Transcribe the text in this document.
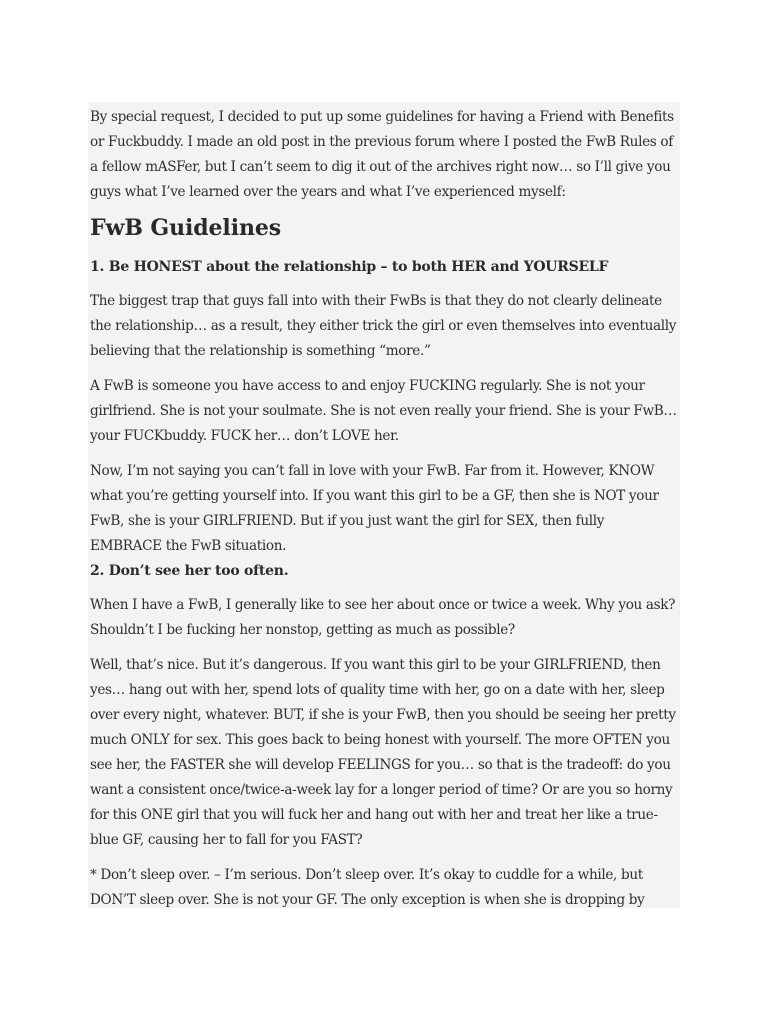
By special request, I decided to put up some guidelines for having a Friend with Benefits or Fuckbuddy. I made an old post in the previous forum where I posted the FwB Rules of a fellow mASFer, but I can’t seem to dig it out of the archives right now… so I’ll give you guys what I’ve learned over the years and what I’ve experienced myself:

FwB Guidelines
1. Be HONEST about the relationship – to both HER and YOURSELF

The biggest trap that guys fall into with their FwBs is that they do not clearly delineate the relationship… as a result, they either trick the girl or even themselves into eventually believing that the relationship is something “more.”

A FwB is someone you have access to and enjoy FUCKING regularly. She is not your girlfriend. She is not your soulmate. She is not even really your friend. She is your FwB… your FUCKbuddy. FUCK her… don’t LOVE her.

Now, I’m not saying you can’t fall in love with your FwB. Far from it. However, KNOW what you’re getting yourself into. If you want this girl to be a GF, then she is NOT your FwB, she is your GIRLFRIEND. But if you just want the girl for SEX, then fully EMBRACE the FwB situation.

2. Don’t see her too often.

When I have a FwB, I generally like to see her about once or twice a week. Why you ask? Shouldn’t I be fucking her nonstop, getting as much as possible?

Well, that’s nice. But it’s dangerous. If you want this girl to be your GIRLFRIEND, then yes… hang out with her, spend lots of quality time with her, go on a date with her, sleep over every night, whatever. BUT, if she is your FwB, then you should be seeing her pretty much ONLY for sex. This goes back to being honest with yourself. The more OFTEN you see her, the FASTER she will develop FEELINGS for you… so that is the tradeoff: do you want a consistent once/twice-a-week lay for a longer period of time? Or are you so horny for this ONE girl that you will fuck her and hang out with her and treat her like a true-blue GF, causing her to fall for you FAST?

* Don’t sleep over. – I’m serious. Don’t sleep over. It’s okay to cuddle for a while, but DON’T sleep over. She is not your GF. The only exception is when she is dropping by
